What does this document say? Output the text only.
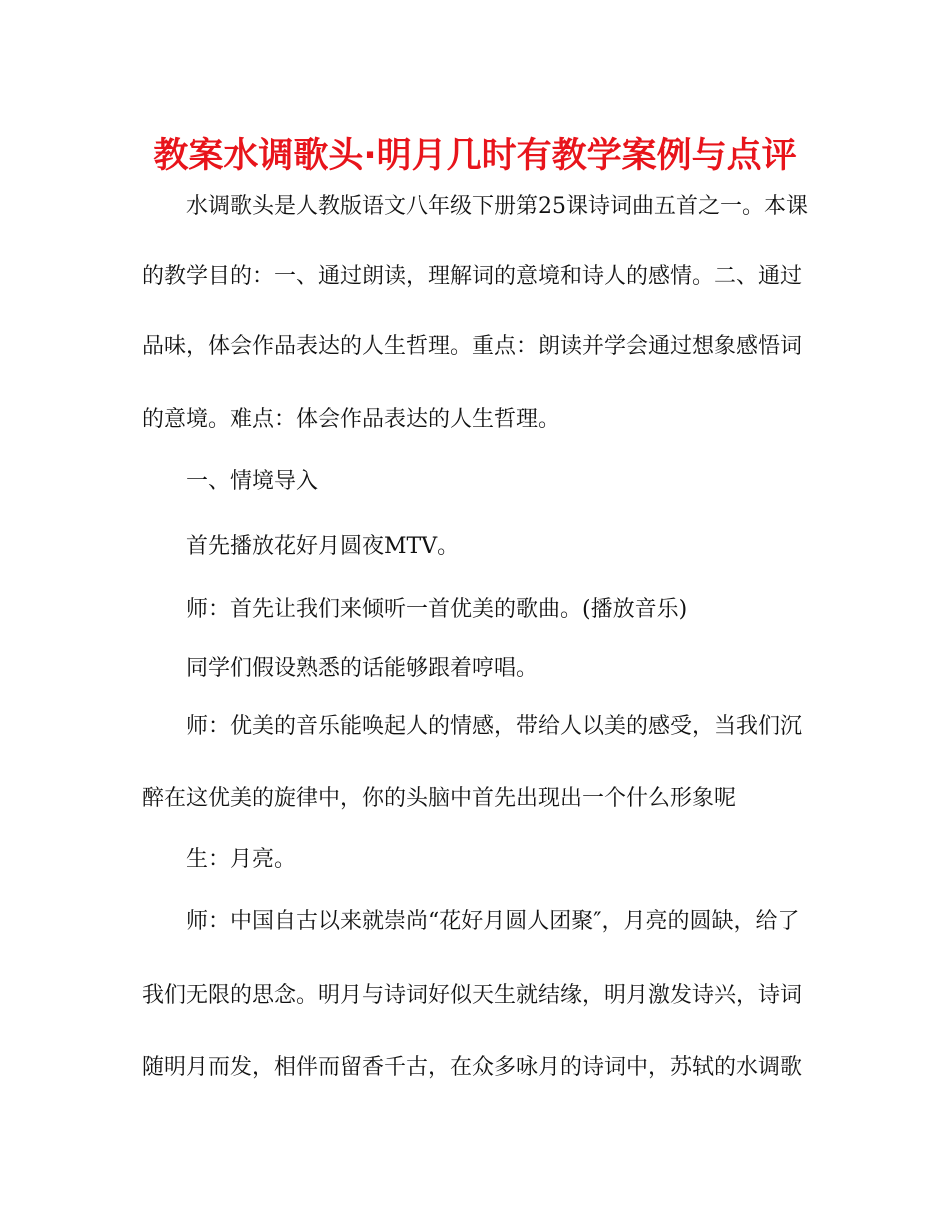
教案水调歌头·明月几时有教学案例与点评
水调歌头是人教版语文八年级下册第25课诗词曲五首之一。本课
的教学目的：一、通过朗读，理解词的意境和诗人的感情。二、通过
品味，体会作品表达的人生哲理。重点：朗读并学会通过想象感悟词
的意境。难点：体会作品表达的人生哲理。
一、情境导入
首先播放花好月圆夜MTV。
师：首先让我们来倾听一首优美的歌曲。(播放音乐)
同学们假设熟悉的话能够跟着哼唱。
师：优美的音乐能唤起人的情感，带给人以美的感受，当我们沉
醉在这优美的旋律中，你的头脑中首先出现出一个什么形象呢
生：月亮。
师：中国自古以来就崇尚“花好月圆人团聚″，月亮的圆缺，给了
我们无限的思念。明月与诗词好似天生就结缘，明月激发诗兴，诗词
随明月而发，相伴而留香千古，在众多咏月的诗词中，苏轼的水调歌
